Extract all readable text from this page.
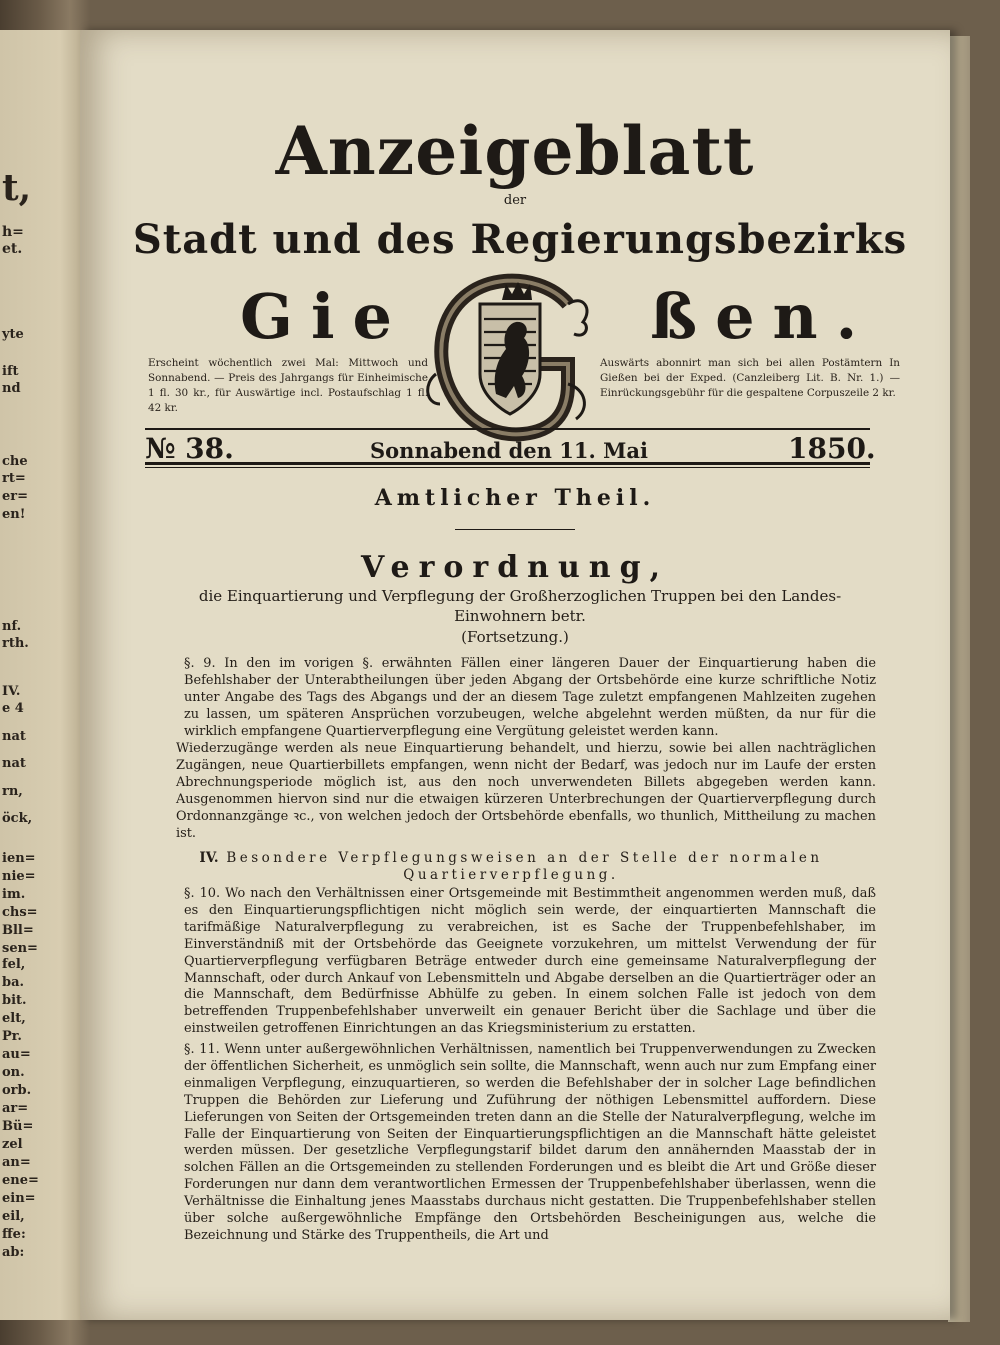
t,
h=
et.
yte
ift
nd
che
rt=
er=
en!
nf.
rth.
IV.
e 4
nat
nat
rn,
öck,
ien=
nie=
im.
chs=
Bll=
sen=
fel,
ba.
bit.
elt,
Pr.
au=
on.
orb.
ar=
Bü=
zel
an=
ene=
ein=
eil,
ffe:
ab:
Anzeigeblatt
der
Stadt und des Regierungsbezirks
Gie	ßen.
Erscheint wöchentlich zwei Mal: Mittwoch und Sonnabend. — Preis des Jahrgangs für Einheimische 1 fl. 30 kr., für Auswärtige incl. Postaufschlag 1 fl. 42 kr.
Auswärts abonnirt man sich bei allen Postämtern In Gießen bei der Exped. (Canzleiberg Lit. B. Nr. 1.) — Einrückungsgebühr für die gespaltene Corpuszeile 2 kr.
№ 38.	Sonnabend den 11. Mai	1850.
Amtlicher Theil.
Verordnung,
die Einquartierung und Verpflegung der Großherzoglichen Truppen bei den Landes-Einwohnern betr.
(Fortsetzung.)
§. 9. In den im vorigen §. erwähnten Fällen einer längeren Dauer der Einquartierung haben die Befehlshaber der Unterabtheilungen über jeden Abgang der Ortsbehörde eine kurze schriftliche Notiz unter Angabe des Tags des Abgangs und der an diesem Tage zuletzt empfangenen Mahlzeiten zugehen zu lassen, um späteren Ansprüchen vorzubeugen, welche abgelehnt werden müßten, da nur für die wirklich empfangene Quartierverpflegung eine Vergütung geleistet werden kann.
Wiederzugänge werden als neue Einquartierung behandelt, und hierzu, sowie bei allen nachträglichen Zugängen, neue Quartierbillets empfangen, wenn nicht der Bedarf, was jedoch nur im Laufe der ersten Abrechnungsperiode möglich ist, aus den noch unverwendeten Billets abgegeben werden kann. Ausgenommen hiervon sind nur die etwaigen kürzeren Unterbrechungen der Quartierverpflegung durch Ordonnanzgänge ꝛc., von welchen jedoch der Ortsbehörde ebenfalls, wo thunlich, Mittheilung zu machen ist.
IV. Besondere Verpflegungsweisen an der Stelle der normalen Quartierverpflegung.
§. 10. Wo nach den Verhältnissen einer Ortsgemeinde mit Bestimmtheit angenommen werden muß, daß es den Einquartierungspflichtigen nicht möglich sein werde, der einquartierten Mannschaft die tarifmäßige Naturalverpflegung zu verabreichen, ist es Sache der Truppenbefehlshaber, im Einverständniß mit der Ortsbehörde das Geeignete vorzukehren, um mittelst Verwendung der für Quartierverpflegung verfügbaren Beträge entweder durch eine gemeinsame Naturalverpflegung der Mannschaft, oder durch Ankauf von Lebensmitteln und Abgabe derselben an die Quartierträger oder an die Mannschaft, dem Bedürfnisse Abhülfe zu geben. In einem solchen Falle ist jedoch von dem betreffenden Truppenbefehlshaber unverweilt ein genauer Bericht über die Sachlage und über die einstweilen getroffenen Einrichtungen an das Kriegsministerium zu erstatten.
§. 11. Wenn unter außergewöhnlichen Verhältnissen, namentlich bei Truppenverwendungen zu Zwecken der öffentlichen Sicherheit, es unmöglich sein sollte, die Mannschaft, wenn auch nur zum Empfang einer einmaligen Verpflegung, einzuquartieren, so werden die Befehlshaber der in solcher Lage befindlichen Truppen die Behörden zur Lieferung und Zuführung der nöthigen Lebensmittel auffordern. Diese Lieferungen von Seiten der Ortsgemeinden treten dann an die Stelle der Naturalverpflegung, welche im Falle der Einquartierung von Seiten der Einquartierungspflichtigen an die Mannschaft hätte geleistet werden müssen. Der gesetzliche Verpflegungstarif bildet darum den annähernden Maasstab der in solchen Fällen an die Ortsgemeinden zu stellenden Forderungen und es bleibt die Art und Größe dieser Forderungen nur dann dem verantwortlichen Ermessen der Truppenbefehlshaber überlassen, wenn die Verhältnisse die Einhaltung jenes Maasstabs durchaus nicht gestatten. Die Truppenbefehlshaber stellen über solche außergewöhnliche Empfänge den Ortsbehörden Bescheinigungen aus, welche die Bezeichnung und Stärke des Truppentheils, die Art und
